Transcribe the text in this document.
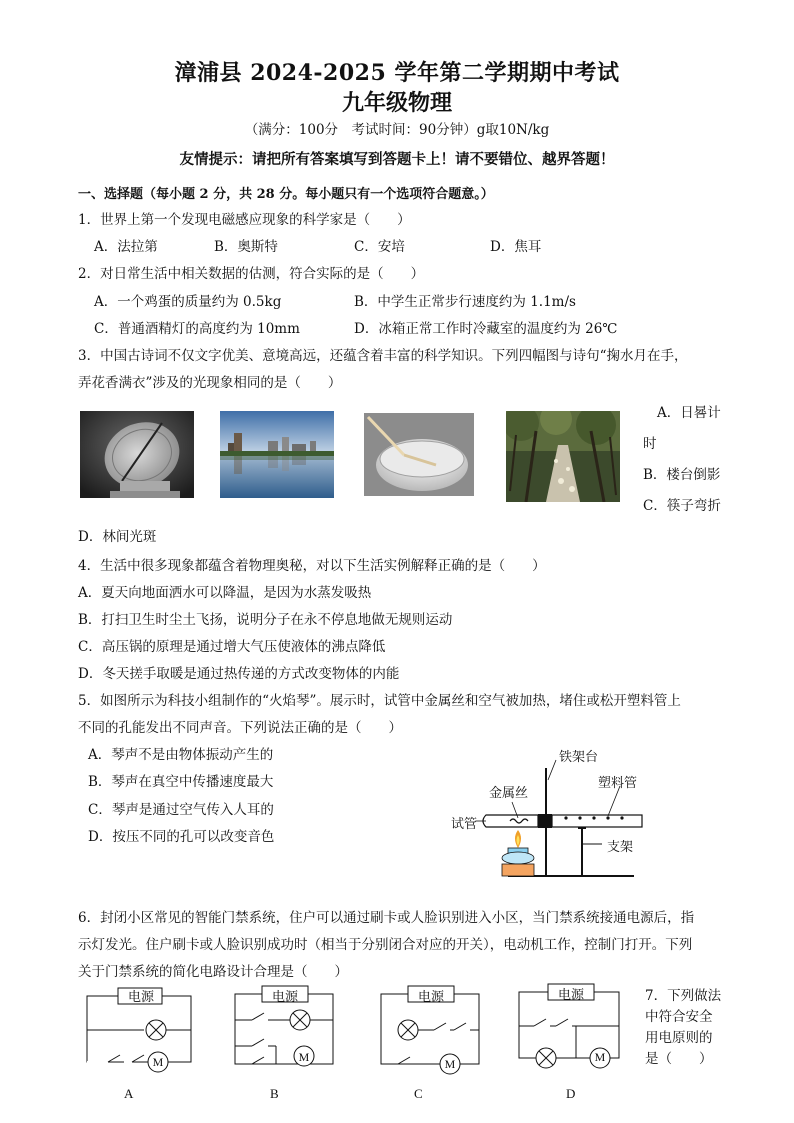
漳浦县 2024-2025 学年第二学期期中考试
九年级物理
（满分：100分　考试时间：90分钟）g取10N/kg
友情提示：请把所有答案填写到答题卡上！请不要错位、越界答题！
一、选择题（每小题 2 分，共 28 分。每小题只有一个选项符合题意。）
1．世界上第一个发现电磁感应现象的科学家是（　　）
A．法拉第	B．奥斯特	C．安培	D．焦耳
2．对日常生活中相关数据的估测，符合实际的是（　　）
A．一个鸡蛋的质量约为 0.5kg	B．中学生正常步行速度约为 1.1m/s
C．普通酒精灯的高度约为 10mm	D．冰箱正常工作时冷藏室的温度约为 26℃
3．中国古诗词不仅文字优美、意境高远，还蕴含着丰富的科学知识。下列四幅图与诗句“掬水月在手，
弄花香满衣”涉及的光现象相同的是（　　）
A．日晷计
时
B．楼台倒影
C．筷子弯折
D．林间光斑
4．生活中很多现象都蕴含着物理奥秘，对以下生活实例解释正确的是（　　）
A．夏天向地面洒水可以降温，是因为水蒸发吸热
B．打扫卫生时尘土飞扬，说明分子在永不停息地做无规则运动
C．高压锅的原理是通过增大气压使液体的沸点降低
D．冬天搓手取暖是通过热传递的方式改变物体的内能
5．如图所示为科技小组制作的“火焰琴”。展示时，试管中金属丝和空气被加热，堵住或松开塑料管上
不同的孔能发出不同声音。下列说法正确的是（　　）
A．琴声不是由物体振动产生的
B．琴声在真空中传播速度最大
C．琴声是通过空气传入人耳的
D．按压不同的孔可以改变音色
铁架台
金属丝
塑料管
试管
支架
6．封闭小区常见的智能门禁系统，住户可以通过刷卡或人脸识别进入小区，当门禁系统接通电源后，指
示灯发光。住户刷卡或人脸识别成功时（相当于分别闭合对应的开关），电动机工作，控制门打开。下列
关于门禁系统的简化电路设计合理是（　　）
电源
M
A
电源
M
B
电源
M
C
电源
M
D
7．下列做法
中符合安全
用电原则的
是（　　）
